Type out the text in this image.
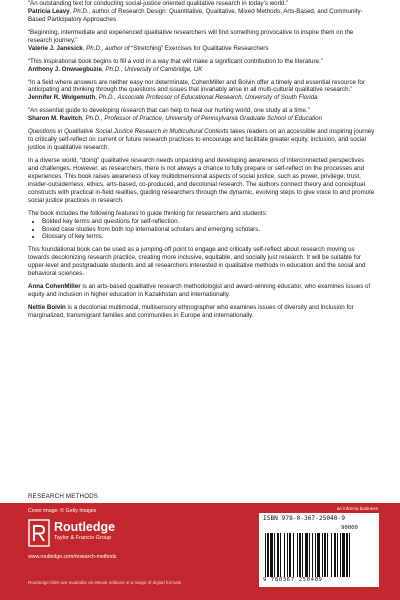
“An outstanding text for conducting social-justice oriented qualitative research in today’s world.”
Patricia Leavy, Ph.D., author of Research Design: Quantitative, Qualitative, Mixed Methods, Arts-Based, and Community-Based Participatory Approaches

“Beginning, intermediate and experienced qualitative researchers will find something provocative to inspire them on the research journey.”
Valerie J. Janesick, Ph.D., author of “Stretching” Exercises for Qualitative Researchers

“This inspirational book begins to fill a void in a way that will make a significant contribution to the literature.”
Anthony J. Onwuegbuzie, Ph.D., University of Cambridge, UK

“In a field where answers are neither easy nor determinate, CohenMiller and Boivin offer a timely and essential resource for anticipating and thinking through the questions and issues that invariably arise in all multi-cultural qualitative research.”
Jennifer R. Wolgemuth, Ph.D., Associate Professor of Educational Research, University of South Florida

“An essential guide to developing research that can help to heal our hurting world, one study at a time.”
Sharon M. Ravitch, Ph.D., Professor of Practice, University of Pennsylvania Graduate School of Education

Questions in Qualitative Social Justice Research in Multicultural Contexts takes readers on an accessible and inspiring journey to critically self-reflect on current or future research practices to encourage and facilitate greater equity, inclusion, and social justice in qualitative research.

In a diverse world, “doing” qualitative research needs unpacking and developing awareness of interconnected perspectives and challenges. However, as researchers, there is not always a chance to fully prepare or self-reflect on the processes and experiences. This book raises awareness of key multidimensional aspects of social justice, such as power, privilege, trust, insider-outsiderness, ethics, arts-based, co-produced, and decolonial research. The authors connect theory and conceptual constructs with practical in-field realities, guiding researchers through the dynamic, evolving steps to give voice to and promote social justice practices in research.

The book includes the following features to guide thinking for researchers and students:
• Bolded key terms and questions for self-reflection.
• Boxed case studies from both top international scholars and emerging scholars.
• Glossary of key terms.

This foundational book can be used as a jumping-off point to engage and critically self-reflect about research moving us towards decolonizing research practice, creating more inclusive, equitable, and socially just research. It will be suitable for upper-level and postgraduate students and all researchers interested in qualitative methods in education and the social and behavioral sciences.

Anna CohenMiller is an arts-based qualitative research methodologist and award-winning educator, who examines issues of equity and inclusion in higher education in Kazakhstan and internationally.

Nettie Boivin is a decolonial multimodal, multisensory ethnographer who examines issues of diversity and inclusion for marginalized, transmigrant families and communities in Europe and internationally.

RESEARCH METHODS
Cover image: © Getty Images	an informa business
Routledge
Taylor & Francis Group
www.routledge.com/research-methods
Routledge titles are available as eBook editions in a range of digital formats
ISBN 978-0-367-25040-9
90000
9 780367 250409
